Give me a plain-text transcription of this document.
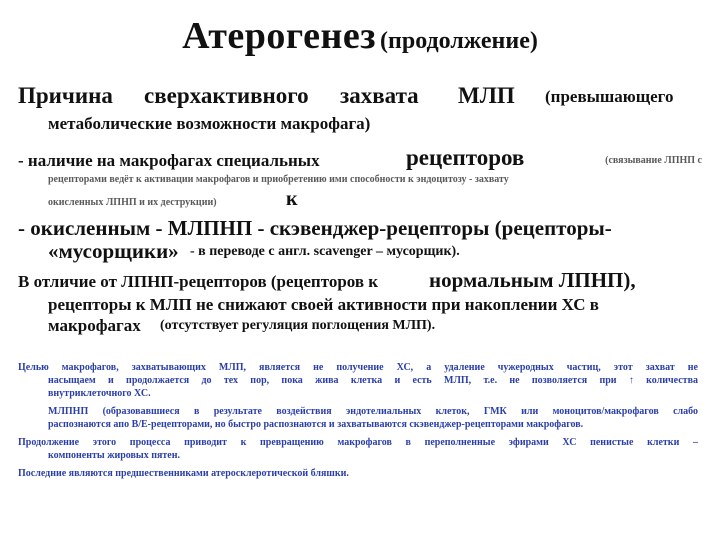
Атерогенез (продолжение)
Причина сверхактивного захвата МЛП (превышающего
метаболические возможности макрофага)
- наличие на макрофагах специальных	рецепторов	(связывание ЛПНП с
рецепторами ведёт к активации макрофагов и приобретению ими способности к эндоцитозу - захвату
окисленных ЛПНП и их деструкции)	к
- окисленным - МЛПНП - скэвенджер-рецепторы (рецепторы-
«мусорщики» - в переводе с англ. scavenger – мусорщик).
В отличие от ЛПНП-рецепторов (рецепторов к нормальным ЛПНП),
рецепторы к МЛП не снижают своей активности при накоплении ХС в
макрофагах (отсутствует регуляция поглощения МЛП).
Целью макрофагов, захватывающих МЛП, является не получение ХС, а удаление чужеродных частиц, этот захват не
насыщаем и продолжается до тех пор, пока жива клетка и есть МЛП, т.е. не позволяется при ↑ количества
внутриклеточного ХС.
МЛПНП (образовавшиеся в результате воздействия эндотелиальных клеток, ГМК или моноцитов/макрофагов слабо
распознаются апо В/Е-рецепторами, но быстро распознаются и захватываются скэвенджер-рецепторами макрофагов.
Продолжение этого процесса приводит к превращению макрофагов в переполненные эфирами ХС пенистые клетки –
компоненты жировых пятен.
Последние являются предшественниками атеросклеротической бляшки.
